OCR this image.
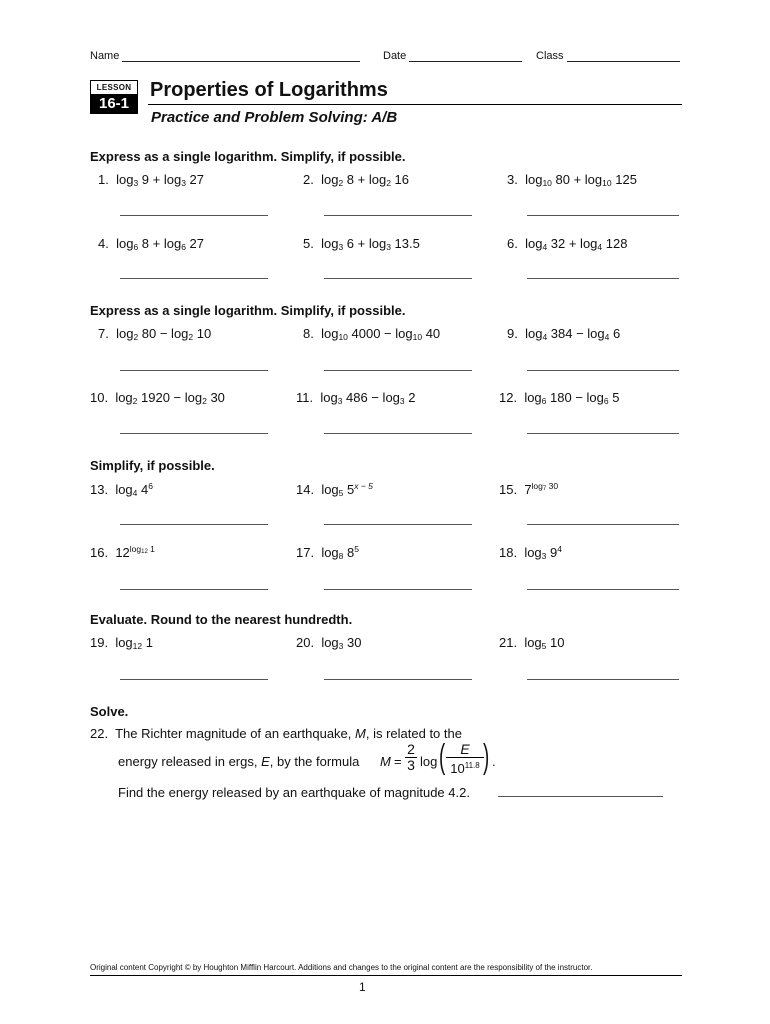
Name	Date	Class
LESSON
16-1
Properties of Logarithms
Practice and Problem Solving: A/B
Express as a single logarithm. Simplify, if possible.
1. $\log_3 9 + \log_3 27$	2. $\log_2 8 + \log_2 16$	3. $\log_{10} 80 + \log_{10} 125$
4. $\log_6 8 + \log_6 27$	5. $\log_3 6 + \log_3 13.5$	6. $\log_4 32 + \log_4 128$
Express as a single logarithm. Simplify, if possible.
7. $\log_2 80 - \log_2 10$	8. $\log_{10} 4000 - \log_{10} 40$	9. $\log_4 384 - \log_4 6$
10. $\log_2 1920 - \log_2 30$	11. $\log_3 486 - \log_3 2$	12. $\log_6 180 - \log_6 5$
Simplify, if possible.
13. $\log_4 4^6$	14. $\log_5 5^{x - 5}$	15. $7^{log7 30}$
16. $12^{log12 1}$	17. $\log_8 8^5$	18. $\log_3 9^4$
Evaluate. Round to the nearest hundredth.
19. $\log_{12} 1$	20. $\log_3 30$	21. $\log_5 10$
Solve.
22. The Richter magnitude of an earthquake, M, is related to the
energy released in ergs, E, by the formula M =
2
3 log (	E
$10^{11.8}$ ) .
Find the energy released by an earthquake of magnitude 4.2.
Original content Copyright © by Houghton Mifflin Harcourt. Additions and changes to the original content are the responsibility of the instructor.
1
